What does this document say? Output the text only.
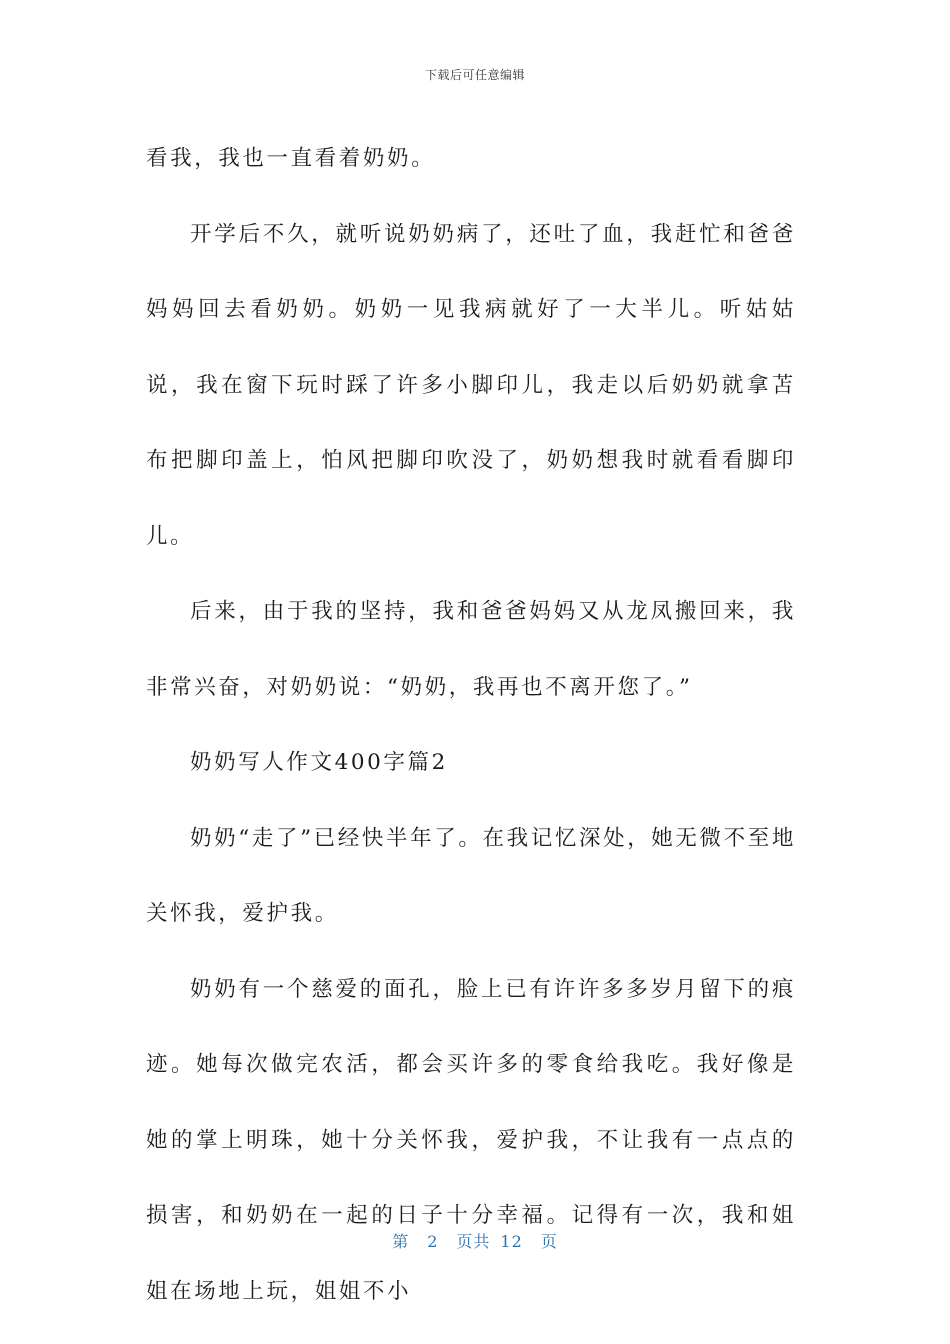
下载后可任意编辑

看我，我也一直看着奶奶。

开学后不久，就听说奶奶病了，还吐了血，我赶忙和爸爸妈妈回去看奶奶。奶奶一见我病就好了一大半儿。听姑姑说，我在窗下玩时踩了许多小脚印儿，我走以后奶奶就拿苫布把脚印盖上，怕风把脚印吹没了，奶奶想我时就看看脚印儿。

后来，由于我的坚持，我和爸爸妈妈又从龙凤搬回来，我非常兴奋，对奶奶说：“奶奶，我再也不离开您了。”

奶奶写人作文400字篇2

奶奶“走了”已经快半年了。在我记忆深处，她无微不至地关怀我，爱护我。

奶奶有一个慈爱的面孔，脸上已有许许多多岁月留下的痕迹。她每次做完农活，都会买许多的零食给我吃。我好像是她的掌上明珠，她十分关怀我，爱护我，不让我有一点点的损害，和奶奶在一起的日子十分幸福。记得有一次，我和姐姐在场地上玩，姐姐不小

第 2 页共 12 页
